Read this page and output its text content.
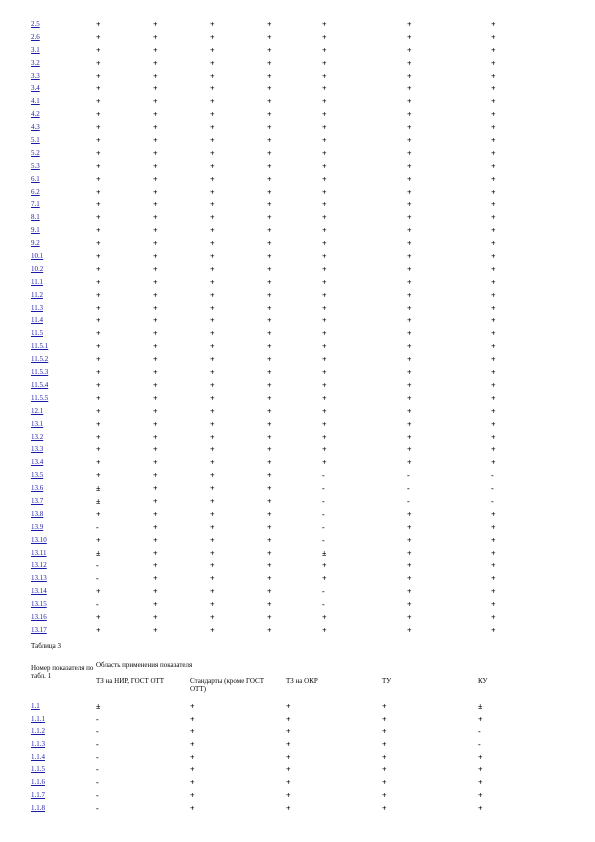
2.5	+	+	+	+	+	+	+
2.6	+	+	+	+	+	+	+
3.1	+	+	+	+	+	+	+
3.2	+	+	+	+	+	+	+
3.3	+	+	+	+	+	+	+
3.4	+	+	+	+	+	+	+
4.1	+	+	+	+	+	+	+
4.2	+	+	+	+	+	+	+
4.3	+	+	+	+	+	+	+
5.1	+	+	+	+	+	+	+
5.2	+	+	+	+	+	+	+
5.3	+	+	+	+	+	+	+
6.1	+	+	+	+	+	+	+
6.2	+	+	+	+	+	+	+
7.1	+	+	+	+	+	+	+
8.1	+	+	+	+	+	+	+
9.1	+	+	+	+	+	+	+
9.2	+	+	+	+	+	+	+
10.1	+	+	+	+	+	+	+
10.2	+	+	+	+	+	+	+
11.1	+	+	+	+	+	+	+
11.2	+	+	+	+	+	+	+
11.3	+	+	+	+	+	+	+
11.4	+	+	+	+	+	+	+
11.5	+	+	+	+	+	+	+
11.5.1	+	+	+	+	+	+	+
11.5.2	+	+	+	+	+	+	+
11.5.3	+	+	+	+	+	+	+
11.5.4	+	+	+	+	+	+	+
11.5.5	+	+	+	+	+	+	+
12.1	+	+	+	+	+	+	+
13.1	+	+	+	+	+	+	+
13.2	+	+	+	+	+	+	+
13.3	+	+	+	+	+	+	+
13.4	+	+	+	+	+	+	+
13.5	+	+	+	+	-	-	-
13.6	±	+	+	+	-	-	-
13.7	±	+	+	+	-	-	-
13.8	+	+	+	+	-	+	+
13.9	-	+	+	+	-	+	+
13.10	+	+	+	+	-	+	+
13.11	±	+	+	+	±	+	+
13.12	-	+	+	+	+	+	+
13.13	-	+	+	+	+	+	+
13.14	+	+	+	+	-	+	+
13.15	-	+	+	+	-	+	+
13.16	+	+	+	+	+	+	+
13.17	+	+	+	+	+	+	+
Таблица 3
Номер показателя по табл. 1	Область применения показателя				
	ТЗ на НИР, ГОСТ ОТТ	Стандарты (кроме ГОСТ ОТТ)	ТЗ на ОКР	ТУ	КУ
1.1	±	+	+	+	±
1.1.1	-	+	+	+	+
1.1.2	-	+	+	+	-
1.1.3	-	+	+	+	-
1.1.4	-	+	+	+	+
1.1.5	-	+	+	+	+
1.1.6	-	+	+	+	+
1.1.7	-	+	+	+	+
1.1.8	-	+	+	+	+
